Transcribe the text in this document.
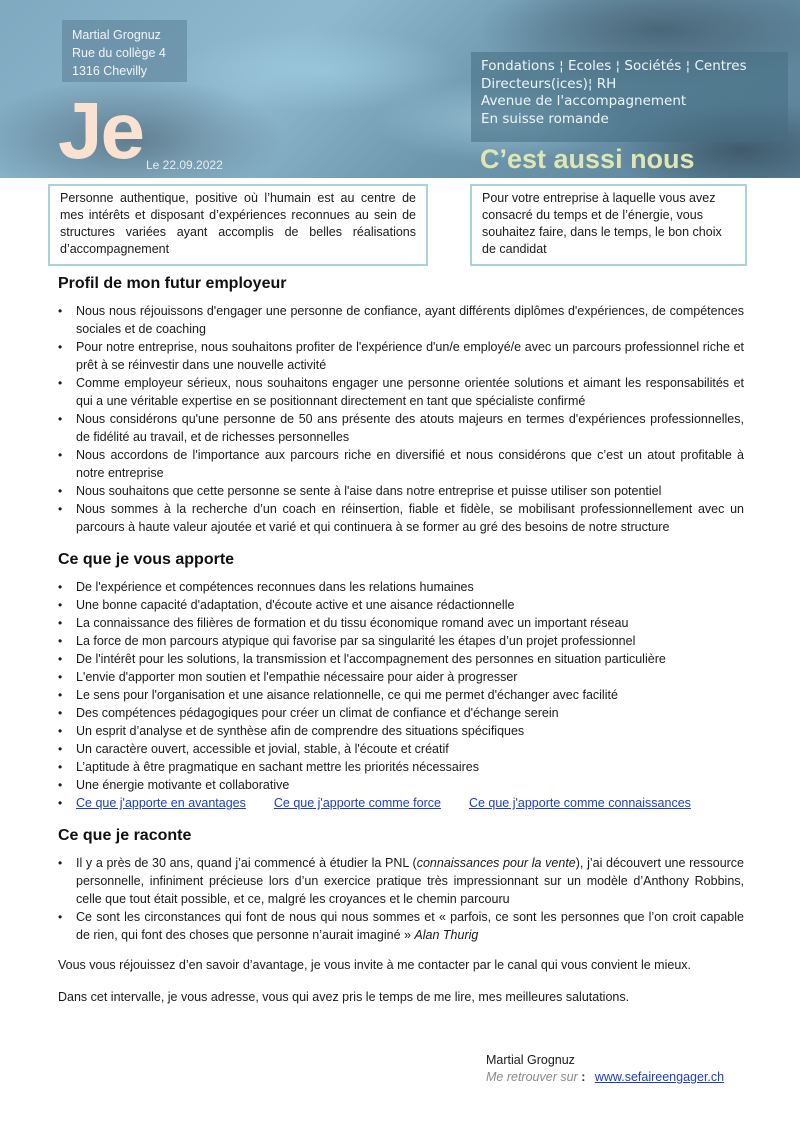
Martial Grognuz
Rue du collège 4
1316 Chevilly
Je Le 22.09.2022
Fondations ¦ Ecoles ¦ Sociétés ¦ Centres
Directeurs(ices)¦ RH
Avenue de l'accompagnement
En suisse romande
C’est aussi nous
Personne authentique, positive où l’humain est au centre de mes intérêts et disposant d’expériences reconnues au sein de structures variées ayant accomplis de belles réalisations d’accompagnement
Pour votre entreprise à laquelle vous avez consacré du temps et de l’énergie, vous souhaitez faire, dans le temps, le bon choix de candidat
Profil de mon futur employeur
• Nous nous réjouissons d'engager une personne de confiance, ayant différents diplômes d'expériences, de compétences sociales et de coaching
• Pour notre entreprise, nous souhaitons profiter de l'expérience d'un/e employé/e avec un parcours professionnel riche et prêt à se réinvestir dans une nouvelle activité
• Comme employeur sérieux, nous souhaitons engager une personne orientée solutions et aimant les responsabilités et qui a une véritable expertise en se positionnant directement en tant que spécialiste confirmé
• Nous considérons qu'une personne de 50 ans présente des atouts majeurs en termes d'expériences professionnelles, de fidélité au travail, et de richesses personnelles
• Nous accordons de l'importance aux parcours riche en diversifié et nous considérons que c’est un atout profitable à notre entreprise
• Nous souhaitons que cette personne se sente à l'aise dans notre entreprise et puisse utiliser son potentiel
• Nous sommes à la recherche d’un coach en réinsertion, fiable et fidèle, se mobilisant professionnellement avec un parcours à haute valeur ajoutée et varié et qui continuera à se former au gré des besoins de notre structure
Ce que je vous apporte
• De l'expérience et compétences reconnues dans les relations humaines
• Une bonne capacité d'adaptation, d'écoute active et une aisance rédactionnelle
• La connaissance des filières de formation et du tissu économique romand avec un important réseau
• La force de mon parcours atypique qui favorise par sa singularité les étapes d’un projet professionnel
• De l'intérêt pour les solutions, la transmission et l'accompagnement des personnes en situation particulière
• L'envie d'apporter mon soutien et l'empathie nécessaire pour aider à progresser
• Le sens pour l'organisation et une aisance relationnelle, ce qui me permet d'échanger avec facilité
• Des compétences pédagogiques pour créer un climat de confiance et d'échange serein
• Un esprit d’analyse et de synthèse afin de comprendre des situations spécifiques
• Un caractère ouvert, accessible et jovial, stable, à l'écoute et créatif
• L’aptitude à être pragmatique en sachant mettre les priorités nécessaires
• Une énergie motivante et collaborative
• Ce que j'apporte en avantages Ce que j'apporte comme force Ce que j'apporte comme connaissances
Ce que je raconte
• Il y a près de 30 ans, quand j’ai commencé à étudier la PNL (connaissances pour la vente), j’ai découvert une ressource personnelle, infiniment précieuse lors d’un exercice pratique très impressionnant sur un modèle d’Anthony Robbins, celle que tout était possible, et ce, malgré les croyances et le chemin parcouru
• Ce sont les circonstances qui font de nous qui nous sommes et « parfois, ce sont les personnes que l’on croit capable de rien, qui font des choses que personne n’aurait imaginé » Alan Thurig

Vous vous réjouissez d’en savoir d’avantage, je vous invite à me contacter par le canal qui vous convient le mieux.

Dans cet intervalle, je vous adresse, vous qui avez pris le temps de me lire, mes meilleures salutations.

Martial Grognuz
Me retrouver sur : www.sefaireengager.ch
